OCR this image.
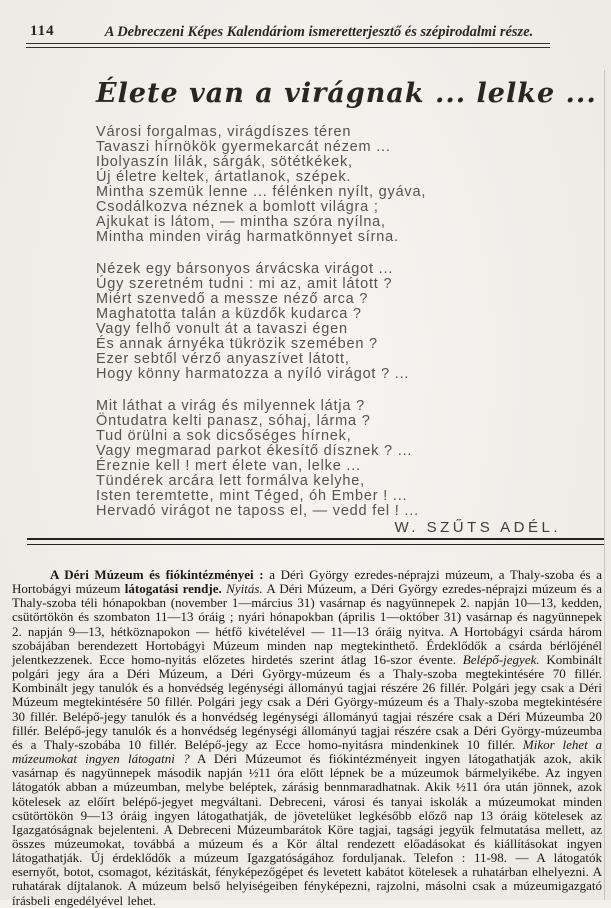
114	A Debreczeni Képes Kalendáriom ismeretterjesztő és szépirodalmi része.
Élete van a virágnak ... lelke ...
Városi forgalmas, virágdíszes téren
Tavaszi hírnökök gyermekarcát nézem ...
Ibolyaszín lilák, sárgák, sötétkékek,
Új életre keltek, ártatlanok, szépek.
Mintha szemük lenne ... félénken nyílt, gyáva,
Csodálkozva néznek a bomlott világra ;
Ajkukat is látom, — mintha szóra nyílna,
Mintha minden virág harmatkönnyet sírna.
Nézek egy bársonyos árvácska virágot ...
Úgy szeretném tudni : mi az, amit látott ?
Miért szenvedő a messze néző arca ?
Maghatotta talán a küzdők kudarca ?
Vagy felhő vonult át a tavaszi égen
És annak árnyéka tükrözik szemében ?
Ezer sebtől vérző anyaszívet látott,
Hogy könny harmatozza a nyíló virágot ? ...
Mit láthat a virág és milyennek látja ?
Öntudatra kelti panasz, sóhaj, lárma ?
Tud örülni a sok dicsőséges hírnek,
Vagy megmarad parkot ékesítő dísznek ? ...
Éreznie kell ! mert élete van, lelke ...
Tündérek arcára lett formálva kelyhe,
Isten teremtette, mint Téged, óh Ember ! ...
Hervadó virágot ne taposs el, — vedd fel ! ...
W. SZŰTS ADÉL.

A Déri Múzeum és fiókintézményei : a Déri György ezredes-néprajzi múzeum, a Thaly-szoba és a Hortobágyi múzeum látogatási rendje. Nyitás. A Déri Múzeum, a Déri György ezredes-néprajzi múzeum és a Thaly-szoba téli hónapokban (november 1—március 31) vasárnap és nagyünnepek 2. napján 10—13, kedden, csütörtökön és szombaton 11—13 óráig ; nyári hónapokban (április 1—október 31) vasárnap és nagyünnepek 2. napján 9—13, hétköznapokon — hétfő kivételével — 11—13 óráig nyitva. A Hortobágyi csárda három szobájában berendezett Hortobágyi Múzeum minden nap megtekinthető. Érdeklődők a csárda bérlőjénél jelentkezzenek. Ecce homo-nyitás előzetes hirdetés szerint átlag 16-szor évente. Belépő-jegyek. Kombinált polgári jegy ára a Déri Múzeum, a Déri György-múzeum és a Thaly-szoba megtekintésére 70 fillér. Kombinált jegy tanulók és a honvédség legénységi állományú tagjai részére 26 fillér. Polgári jegy csak a Déri Múzeum megtekintésére 50 fillér. Polgári jegy csak a Déri György-múzeum és a Thaly-szoba megtekintésére 30 fillér. Belépő-jegy tanulók és a honvédség legénységi állományú tagjai részére csak a Déri Múzeumba 20 fillér. Belépő-jegy tanulók és a honvédség legénységi állományú tagjai részére csak a Déri György-múzeumba és a Thaly-szobába 10 fillér. Belépő-jegy az Ecce homo-nyitásra mindenkinek 10 fillér. Mikor lehet a múzeumokat ingyen látogatni ? A Déri Múzeumot és fiókintézményeit ingyen látogathatják azok, akik vasárnap és nagyünnepek második napján ½11 óra előtt lépnek be a múzeumok bármelyikébe. Az ingyen látogatók abban a múzeumban, melybe beléptek, zárásig bennmaradhatnak. Akik ½11 óra után jönnek, azok kötelesek az előírt belépő-jegyet megváltani. Debreceni, városi és tanyai iskolák a múzeumokat minden csütörtökön 9—13 óráig ingyen látogathatják, de jövetelüket legkésőbb előző nap 13 óráig kötelesek az Igazgatóságnak bejelenteni. A Debreceni Múzeumbarátok Köre tagjai, tagsági jegyük felmutatása mellett, az összes múzeumokat, továbbá a múzeum és a Kör által rendezett előadásokat és kiállításokat ingyen látogathatják. Új érdeklődők a múzeum Igazgatóságához forduljanak. Telefon : 11-98. — A látogatók esernyőt, botot, csomagot, kézitáskát, fényképezőgépet és levetett kabátot kötelesek a ruhatárban elhelyezni. A ruhatárak díjtalanok. A múzeum belső helyiségeiben fényképezni, rajzolni, másolni csak a múzeumigazgató írásbeli engedélyével lehet.
